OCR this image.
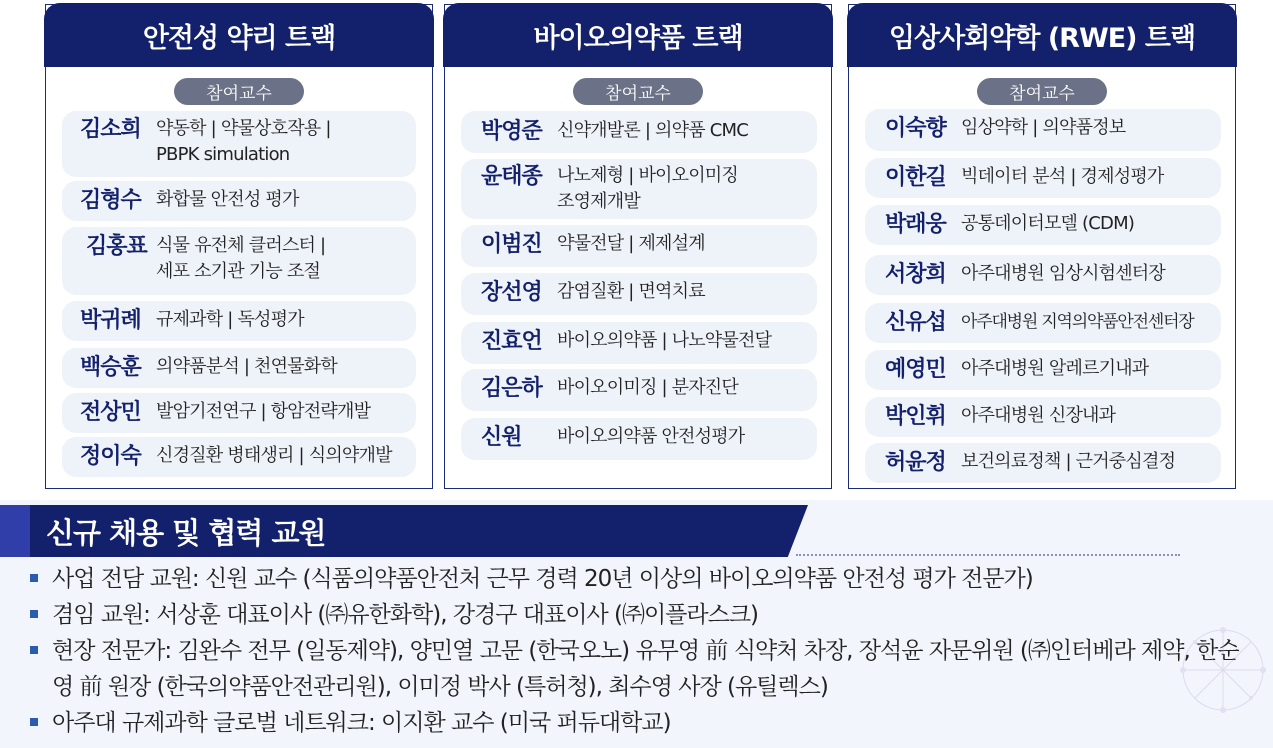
안전성 약리 트랙
참여교수
김소희 약동학 | 약물상호작용 |
PBPK simulation
김형수 화합물 안전성 평가
김홍표 식물 유전체 클러스터 |
세포 소기관 기능 조절
박귀례 규제과학 | 독성평가
백승훈 의약품분석 | 천연물화학
전상민 발암기전연구 | 항암전략개발
정이숙 신경질환 병태생리 | 식의약개발
바이오의약품 트랙
참여교수
박영준 신약개발론 | 의약품 CMC
윤태종 나노제형 | 바이오이미징
조영제개발
이범진 약물전달 | 제제설계
장선영 감염질환 | 면역치료
진효언 바이오의약품 | 나노약물전달
김은하 바이오이미징 | 분자진단
신원	바이오의약품 안전성평가
임상사회약학 (RWE) 트랙
참여교수
이숙향 임상약학 | 의약품정보
이한길 빅데이터 분석 | 경제성평가
박래웅 공통데이터모델 (CDM)
서창희 아주대병원 임상시험센터장
신유섭 아주대병원 지역의약품안전센터장
예영민 아주대병원 알레르기내과
박인휘 아주대병원 신장내과
허윤정 보건의료정책 | 근거중심결정
신규 채용 및 협력 교원
사업 전담 교원: 신원 교수 (식품의약품안전처 근무 경력 20년 이상의 바이오의약품 안전성 평가 전문가)
겸임 교원: 서상훈 대표이사 (㈜유한화학), 강경구 대표이사 (㈜이플라스크)
현장 전문가: 김완수 전무 (일동제약), 양민열 고문 (한국오노) 유무영 前 식약처 차장, 장석윤 자문위원 (㈜인터베라 제약, 한순영 前 원장 (한국의약품안전관리원), 이미정 박사 (특허청), 최수영 사장 (유틸렉스)
아주대 규제과학 글로벌 네트워크: 이지환 교수 (미국 퍼듀대학교)
